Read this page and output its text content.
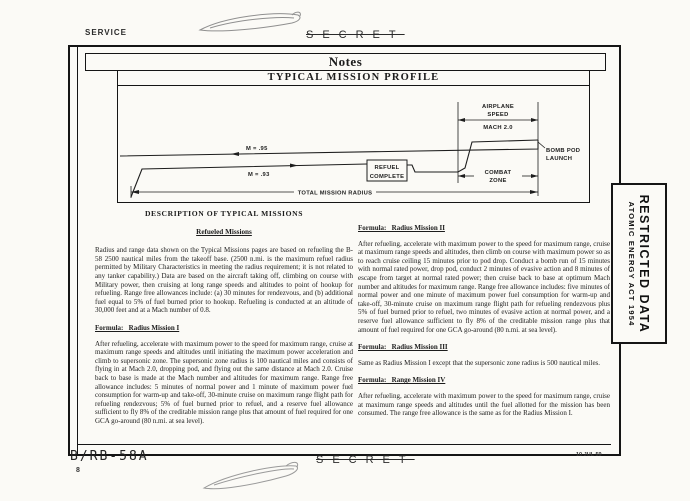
SERVICE	SECRET
Notes
TYPICAL MISSION PROFILE
M = .95
M = .93
REFUEL
COMPLETE
AIRPLANE
SPEED
MACH 2.0
BOMB POD
LAUNCH
COMBAT
ZONE
TOTAL MISSION RADIUS
DESCRIPTION OF TYPICAL MISSIONS
Refueled Missions

Radius and range data shown on the Typical Missions pages are based on refueling the B-58 2500 nautical miles from the takeoff base. (2500 n.mi. is the maximum refuel radius permitted by Military Characteristics in meeting the radius requirement; it is not related to any tanker capability.) Data are based on the aircraft taking off, climbing on course with Military power, then cruising at long range speeds and altitudes to point of hookup for refueling. Range free allowances include: (a) 30 minutes for rendezvous, and (b) additional fuel equal to 5% of fuel burned prior to hookup. Refueling is conducted at an altitude of 30,000 feet and at a Mach number of 0.8.

Formula:   Radius Mission I

After refueling, accelerate with maximum power to the speed for maximum range, cruise at maximum range speeds and altitudes until initiating the maximum power acceleration and climb to supersonic zone. The supersonic zone radius is 100 nautical miles and consists of flying in at Mach 2.0, dropping pod, and flying out the same distance at Mach 2.0. Cruise back to base is made at the Mach number and altitudes for maximum range. Range free allowance includes: 5 minutes of normal power and 1 minute of maximum power fuel consumption for warm-up and take-off, 30-minute cruise on maximum range flight path for refueling rendezvous; 5% of fuel burned prior to refuel, and a reserve fuel allowance sufficient to fly 8% of the creditable mission range plus that amount of fuel required for one GCA go-around (80 n.mi. at sea level).

Formula:   Radius Mission II

After refueling, accelerate with maximum power to the speed for maximum range, cruise at maximum range speeds and altitudes, then climb on course with maximum power so as to reach cruise ceiling 15 minutes prior to pod drop. Conduct a bomb run of 15 minutes with normal rated power, drop pod, conduct 2 minutes of evasive action and 8 minutes of escape from target at normal rated power; then cruise back to base at optimum Mach number and altitudes for maximum range. Range free allowance includes: five minutes of normal power and one minute of maximum power fuel consumption for warm-up and take-off, 30-minute cruise on maximum range flight path for refueling rendezvous plus 5% of fuel burned prior to refuel, two minutes of evasive action at normal power, and a reserve fuel allowance sufficient to fly 8% of the creditable mission range plus that amount of fuel required for one GCA go-around (80 n.mi. at sea level).

Formula:   Radius Mission III

Same as Radius Mission I except that the supersonic zone radius is 500 nautical miles.

Formula:   Range Mission IV

After refueling, accelerate with maximum power to the speed for maximum range, cruise at maximum range speeds and altitudes until the fuel allotted for the mission has been consumed. The range free allowance is the same as for the Radius Mission I.

RESTRICTED DATA
ATOMIC ENERGY ACT 1954
B/RB-58A
8
SECRET	10 JUL 59
